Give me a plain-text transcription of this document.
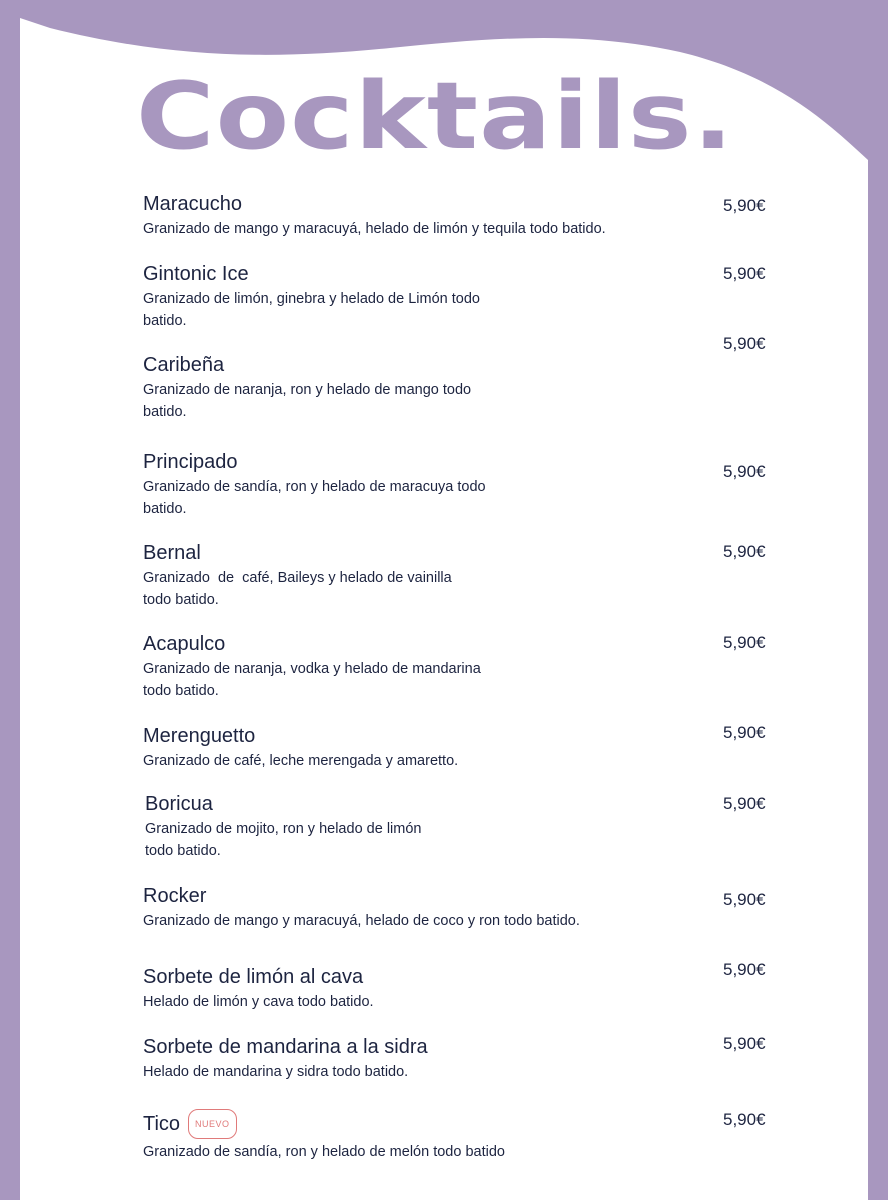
Cocktails.
Maracucho
Granizado de mango y maracuyá, helado de limón y tequila todo batido.
5,90€
Gintonic Ice
Granizado de limón, ginebra y helado de Limón todo
batido.
5,90€
Caribeña
Granizado de naranja, ron y helado de mango todo
batido.
5,90€
Principado
Granizado de sandía, ron y helado de maracuya todo
batido.
5,90€
Bernal
Granizado  de  café, Baileys y helado de vainilla
todo batido.
5,90€
Acapulco
Granizado de naranja, vodka y helado de mandarina
todo batido.
5,90€
Merenguetto
Granizado de café, leche merengada y amaretto.
5,90€
Boricua
Granizado de mojito, ron y helado de limón
todo batido.
5,90€
Rocker
Granizado de mango y maracuyá, helado de coco y ron todo batido.
5,90€
Sorbete de limón al cava
Helado de limón y cava todo batido.
5,90€
Sorbete de mandarina a la sidra
Helado de mandarina y sidra todo batido.
5,90€
Tico NUEVO
Granizado de sandía, ron y helado de melón todo batido
5,90€
